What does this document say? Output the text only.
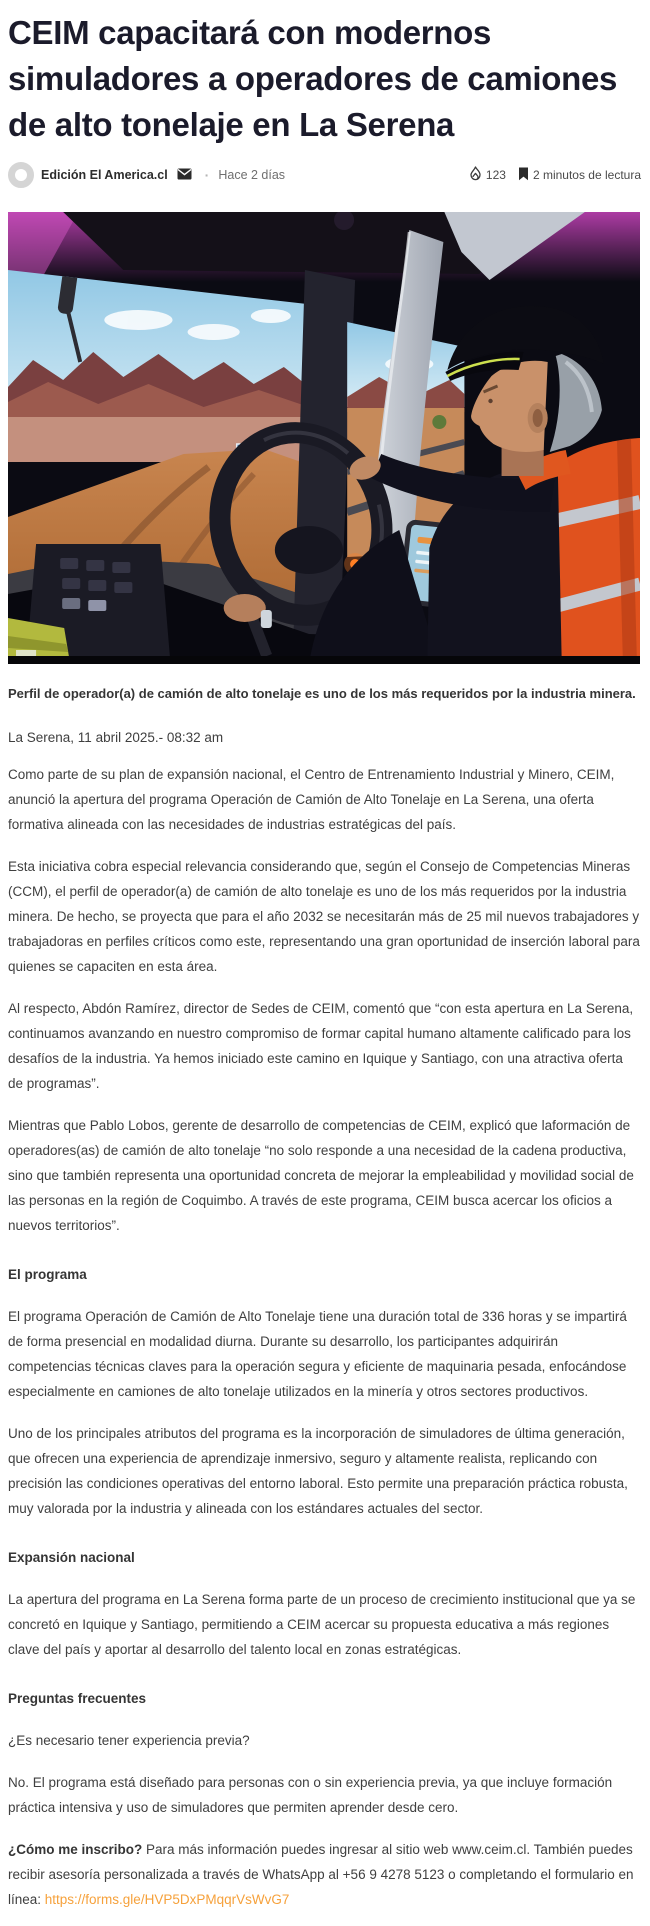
CEIM capacitará con modernos simuladores a operadores de camiones de alto tonelaje en La Serena
Edición El America.cl	· Hace 2 días	123 2 minutos de lectura

Perfil de operador(a) de camión de alto tonelaje es uno de los más requeridos por la industria minera.

La Serena, 11 abril 2025.- 08:32 am

Como parte de su plan de expansión nacional, el Centro de Entrenamiento Industrial y Minero, CEIM, anunció la apertura del programa Operación de Camión de Alto Tonelaje en La Serena, una oferta formativa alineada con las necesidades de industrias estratégicas del país.

Esta iniciativa cobra especial relevancia considerando que, según el Consejo de Competencias Mineras (CCM), el perfil de operador(a) de camión de alto tonelaje es uno de los más requeridos por la industria minera. De hecho, se proyecta que para el año 2032 se necesitarán más de 25 mil nuevos trabajadores y trabajadoras en perfiles críticos como este, representando una gran oportunidad de inserción laboral para quienes se capaciten en esta área.

Al respecto, Abdón Ramírez, director de Sedes de CEIM, comentó que “con esta apertura en La Serena, continuamos avanzando en nuestro compromiso de formar capital humano altamente calificado para los desafíos de la industria. Ya hemos iniciado este camino en Iquique y Santiago, con una atractiva oferta de programas”.

Mientras que Pablo Lobos, gerente de desarrollo de competencias de CEIM, explicó que laformación de operadores(as) de camión de alto tonelaje “no solo responde a una necesidad de la cadena productiva, sino que también representa una oportunidad concreta de mejorar la empleabilidad y movilidad social de las personas en la región de Coquimbo. A través de este programa, CEIM busca acercar los oficios a nuevos territorios”.

El programa

El programa Operación de Camión de Alto Tonelaje tiene una duración total de 336 horas y se impartirá de forma presencial en modalidad diurna. Durante su desarrollo, los participantes adquirirán competencias técnicas claves para la operación segura y eficiente de maquinaria pesada, enfocándose especialmente en camiones de alto tonelaje utilizados en la minería y otros sectores productivos.

Uno de los principales atributos del programa es la incorporación de simuladores de última generación, que ofrecen una experiencia de aprendizaje inmersivo, seguro y altamente realista, replicando con precisión las condiciones operativas del entorno laboral. Esto permite una preparación práctica robusta, muy valorada por la industria y alineada con los estándares actuales del sector.

Expansión nacional

La apertura del programa en La Serena forma parte de un proceso de crecimiento institucional que ya se concretó en Iquique y Santiago, permitiendo a CEIM acercar su propuesta educativa a más regiones clave del país y aportar al desarrollo del talento local en zonas estratégicas.

Preguntas frecuentes

¿Es necesario tener experiencia previa?

No. El programa está diseñado para personas con o sin experiencia previa, ya que incluye formación práctica intensiva y uso de simuladores que permiten aprender desde cero.

¿Cómo me inscribo? Para más información puedes ingresar al sitio web www.ceim.cl. También puedes recibir asesoría personalizada a través de WhatsApp al +56 9 4278 5123 o completando el formulario en línea: https://forms.gle/HVP5DxPMqqrVsWvG7
